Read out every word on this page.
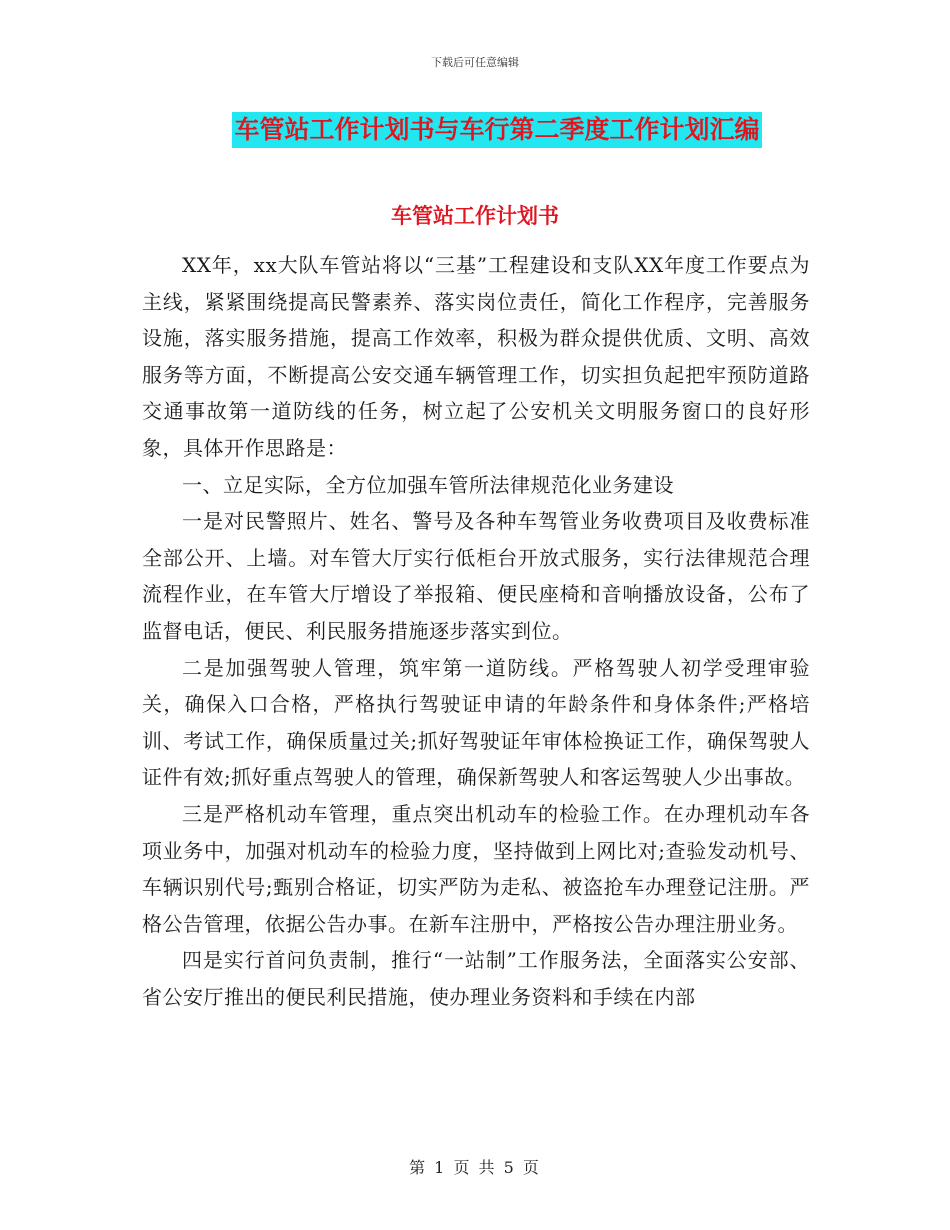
下载后可任意编辑
车管站工作计划书与车行第二季度工作计划汇编
车管站工作计划书

XX年，xx大队车管站将以“三基”工程建设和支队XX年度工作要点为主线，紧紧围绕提高民警素养、落实岗位责任，简化工作程序，完善服务设施，落实服务措施，提高工作效率，积极为群众提供优质、文明、高效服务等方面，不断提高公安交通车辆管理工作，切实担负起把牢预防道路交通事故第一道防线的任务，树立起了公安机关文明服务窗口的良好形象，具体开作思路是：

一、立足实际，全方位加强车管所法律规范化业务建设

一是对民警照片、姓名、警号及各种车驾管业务收费项目及收费标准全部公开、上墙。对车管大厅实行低柜台开放式服务，实行法律规范合理流程作业，在车管大厅增设了举报箱、便民座椅和音响播放设备，公布了监督电话，便民、利民服务措施逐步落实到位。

二是加强驾驶人管理，筑牢第一道防线。严格驾驶人初学受理审验关，确保入口合格，严格执行驾驶证申请的年龄条件和身体条件;严格培训、考试工作，确保质量过关;抓好驾驶证年审体检换证工作，确保驾驶人证件有效;抓好重点驾驶人的管理，确保新驾驶人和客运驾驶人少出事故。

三是严格机动车管理，重点突出机动车的检验工作。在办理机动车各项业务中，加强对机动车的检验力度，坚持做到上网比对;查验发动机号、车辆识别代号;甄别合格证，切实严防为走私、被盗抢车办理登记注册。严格公告管理，依据公告办事。在新车注册中，严格按公告办理注册业务。

四是实行首问负责制，推行“一站制”工作服务法，全面落实公安部、省公安厅推出的便民利民措施，使办理业务资料和手续在内部

第 1 页 共 5 页
